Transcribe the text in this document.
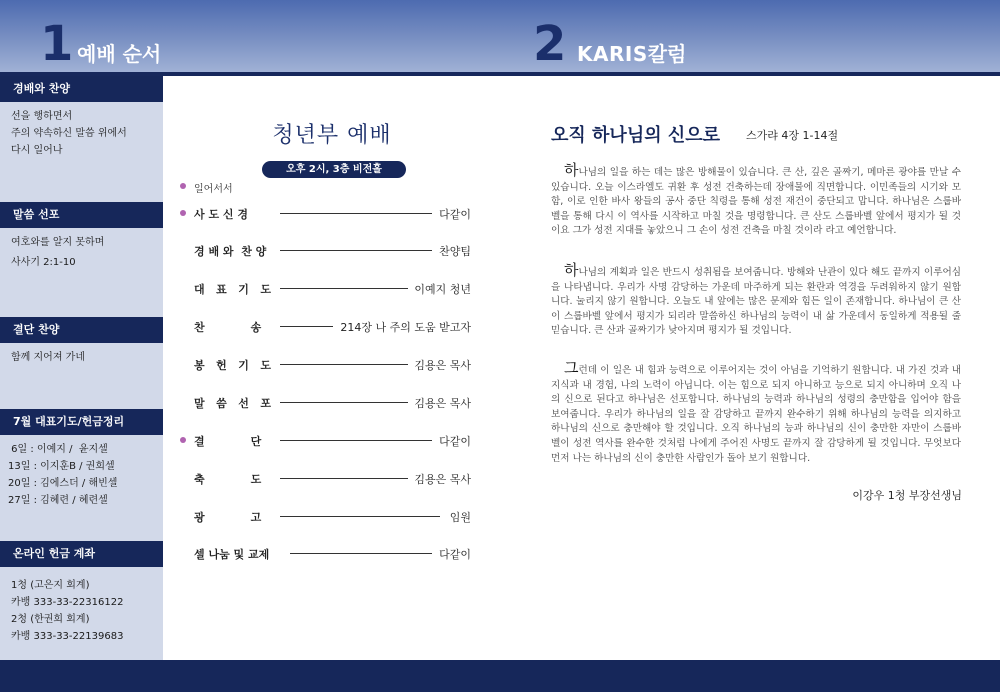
1 예배 순서	2 KARIS칼럼
경배와 찬양
선을 행하면서
주의 약속하신 말씀 위에서
다시 일어나
말씀 선포
여호와를 알지 못하며
사사기 2:1-10
결단 찬양
함께 지어져 가네
7월 대표기도/헌금정리
6일 : 이예지 /  윤지셀
13일 : 이지훈B / 권희셀
20일 : 김에스더 / 해빈셀
27일 : 김혜련 / 혜련셀
온라인 헌금 계좌
1청 (고은지 회계)
카뱅 333-33-22316122
2청 (한권희 회계)
카뱅 333-33-22139683
청년부 예배
오후 2시, 3층 비전홀
일어서서
사 도 신 경	다같이
경 배 와  찬 양	찬양팀
대   표   기   도	이예지 청년
찬            송	214장 나 주의 도움 받고자
봉   헌   기   도	김용은 목사
말   씀   선   포	김용은 목사
결            단	다같이
축            도	김용은 목사
광            고	임원
셀 나눔 및 교제	다같이
오직 하나님의 신으로 스가랴 4장 1-14절

하나님의 일을 하는 데는 많은 방해물이 있습니다. 큰 산, 깊은 골짜기, 메마른 광야를 만날 수 있습니다. 오늘 이스라엘도 귀환 후 성전 건축하는데 장애물에 직면합니다. 이민족들의 시기와 모함, 이로 인한 바사 왕들의 공사 중단 칙령을 통해 성전 재건이 중단되고 맙니다. 하나님은 스룹바벨을 통해 다시 이 역사를 시작하고 마칠 것을 명령합니다. 큰 산도 스룹바벨 앞에서 평지가 될 것이요 그가 성전 지대를 놓았으니 그 손이 성전 건축을 마칠 것이라 라고 예언합니다.

하나님의 계획과 일은 반드시 성취됨을 보여줍니다. 방해와 난관이 있다 해도 끝까지 이루어심을 나타냅니다. 우리가 사명 감당하는 가운데 마주하게 되는 환란과 역경을 두려워하지 않기 원합니다. 눌리지 않기 원합니다. 오늘도 내 앞에는 많은 문제와 힘든 일이 존재합니다. 하나님이 큰 산이 스룹바벨 앞에서 평지가 되리라 말씀하신 하나님의 능력이 내 삶 가운데서 동일하게 적용될 줄 믿습니다. 큰 산과 골짜기가 낮아지며 평지가 될 것입니다.

그런데 이 일은 내 힘과 능력으로 이루어지는 것이 아님을 기억하기 원합니다. 내 가진 것과 내 지식과 내 경험, 나의 노력이 아닙니다. 이는 힘으로 되지 아니하고 능으로 되지 아니하며 오직 나의 신으로 된다고 하나님은 선포합니다. 하나님의 능력과 하나님의 성령의 충만함을 입어야 함을 보여줍니다. 우리가 하나님의 일을 잘 감당하고 끝까지 완수하기 위해 하나님의 능력을 의지하고 하나님의 신으로 충만해야 할 것입니다. 오직 하나님의 능과 하나님의 신이 충만한 자만이 스룹바벨이 성전 역사를 완수한 것처럼 나에게 주어진 사명도 끝까지 잘 감당하게 될 것입니다. 무엇보다 먼저 나는 하나님의 신이 충만한 사람인가 돌아 보기 원합니다.

이강우 1청 부장선생님
